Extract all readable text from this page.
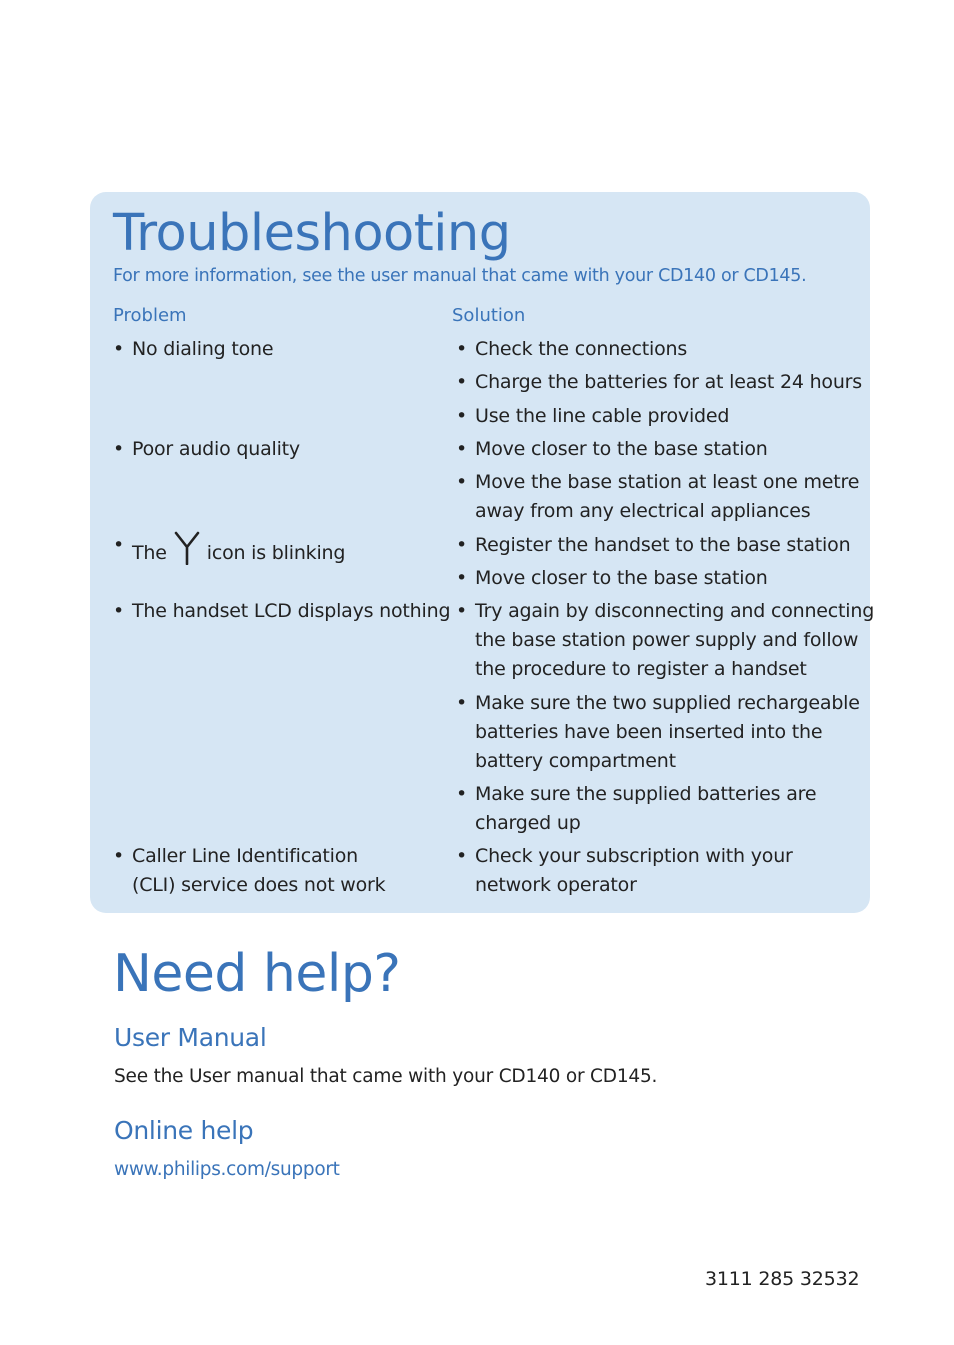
Troubleshooting
For more information, see the user manual that came with your CD140 or CD145.
Problem	Solution
• No dialing tone
• Poor audio quality
• The icon is blinking
• The handset LCD displays nothing
• Caller Line Identification
(CLI) service does not work
• Check the connections
• Charge the batteries for at least 24 hours
• Use the line cable provided
• Move closer to the base station
• Move the base station at least one metre
away from any electrical appliances
• Register the handset to the base station
• Move closer to the base station
• Try again by disconnecting and connecting
the base station power supply and follow
the procedure to register a handset
• Make sure the two supplied rechargeable
batteries have been inserted into the
battery compartment
• Make sure the supplied batteries are
charged up
• Check your subscription with your
network operator
Need help?
User Manual
See the User manual that came with your CD140 or CD145.
Online help
www.philips.com/support
3111 285 32532
